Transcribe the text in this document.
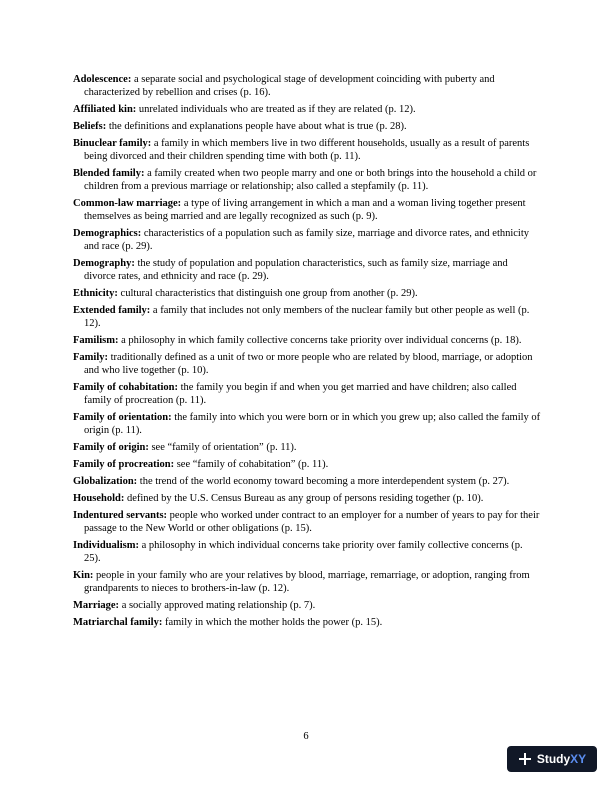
Adolescence: a separate social and psychological stage of development coinciding with puberty and characterized by rebellion and crises (p. 16).

Affiliated kin: unrelated individuals who are treated as if they are related (p. 12).

Beliefs: the definitions and explanations people have about what is true (p. 28).

Binuclear family: a family in which members live in two different households, usually as a result of parents being divorced and their children spending time with both (p. 11).

Blended family: a family created when two people marry and one or both brings into the household a child or children from a previous marriage or relationship; also called a stepfamily (p. 11).

Common-law marriage: a type of living arrangement in which a man and a woman living together present themselves as being married and are legally recognized as such (p. 9).

Demographics: characteristics of a population such as family size, marriage and divorce rates, and ethnicity and race (p. 29).

Demography: the study of population and population characteristics, such as family size, marriage and divorce rates, and ethnicity and race (p. 29).

Ethnicity: cultural characteristics that distinguish one group from another (p. 29).

Extended family: a family that includes not only members of the nuclear family but other people as well (p. 12).

Familism: a philosophy in which family collective concerns take priority over individual concerns (p. 18).

Family: traditionally defined as a unit of two or more people who are related by blood, marriage, or adoption and who live together (p. 10).

Family of cohabitation: the family you begin if and when you get married and have children; also called family of procreation (p. 11).

Family of orientation: the family into which you were born or in which you grew up; also called the family of origin (p. 11).

Family of origin: see “family of orientation” (p. 11).

Family of procreation: see “family of cohabitation” (p. 11).

Globalization: the trend of the world economy toward becoming a more interdependent system (p. 27).

Household: defined by the U.S. Census Bureau as any group of persons residing together (p. 10).

Indentured servants: people who worked under contract to an employer for a number of years to pay for their passage to the New World or other obligations (p. 15).

Individualism: a philosophy in which individual concerns take priority over family collective concerns (p. 25).

Kin: people in your family who are your relatives by blood, marriage, remarriage, or adoption, ranging from grandparents to nieces to brothers-in-law (p. 12).

Marriage: a socially approved mating relationship (p. 7).

Matriarchal family: family in which the mother holds the power (p. 15).

6
Study XY
